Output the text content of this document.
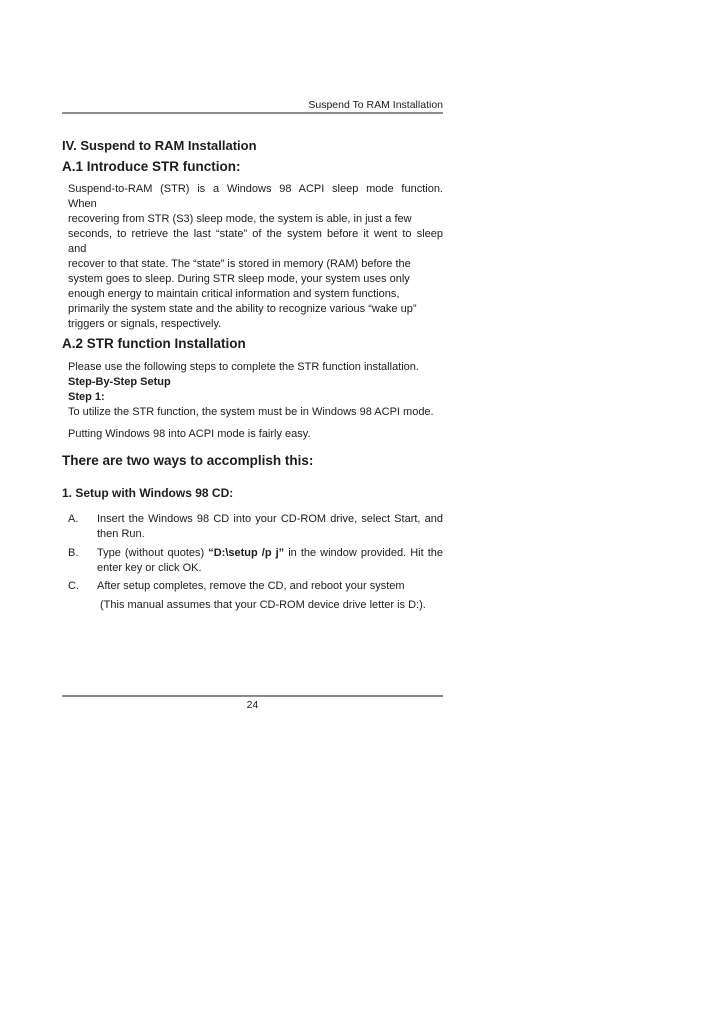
Suspend To RAM Installation
IV. Suspend to RAM Installation
A.1 Introduce STR function:
Suspend-to-RAM (STR) is a Windows 98 ACPI sleep mode function.
When
recovering from STR (S3) sleep mode, the system is able, in just a few
seconds, to retrieve the last “state” of the system before it went to sleep
and
recover to that state. The “state” is stored in memory (RAM) before the
system goes to sleep. During STR sleep mode, your system uses only
enough energy to maintain critical information and system functions,
primarily the system state and the ability to recognize various “wake up”
triggers or signals, respectively.
A.2 STR function Installation
Please use the following steps to complete the STR function installation.
Step-By-Step Setup
Step 1:
To utilize the STR function, the system must be in Windows 98 ACPI mode.
Putting Windows 98 into ACPI mode is fairly easy.
There are two ways to accomplish this:
1. Setup with Windows 98 CD:
A.	Insert the Windows 98 CD into your CD-ROM drive, select Start, and
then Run.
B.	Type (without quotes) “D:\setup /p j” in the window provided. Hit the
enter key or click OK.
C.	After setup completes, remove the CD, and reboot your system
(This manual assumes that your CD-ROM device drive letter is D:).
24
